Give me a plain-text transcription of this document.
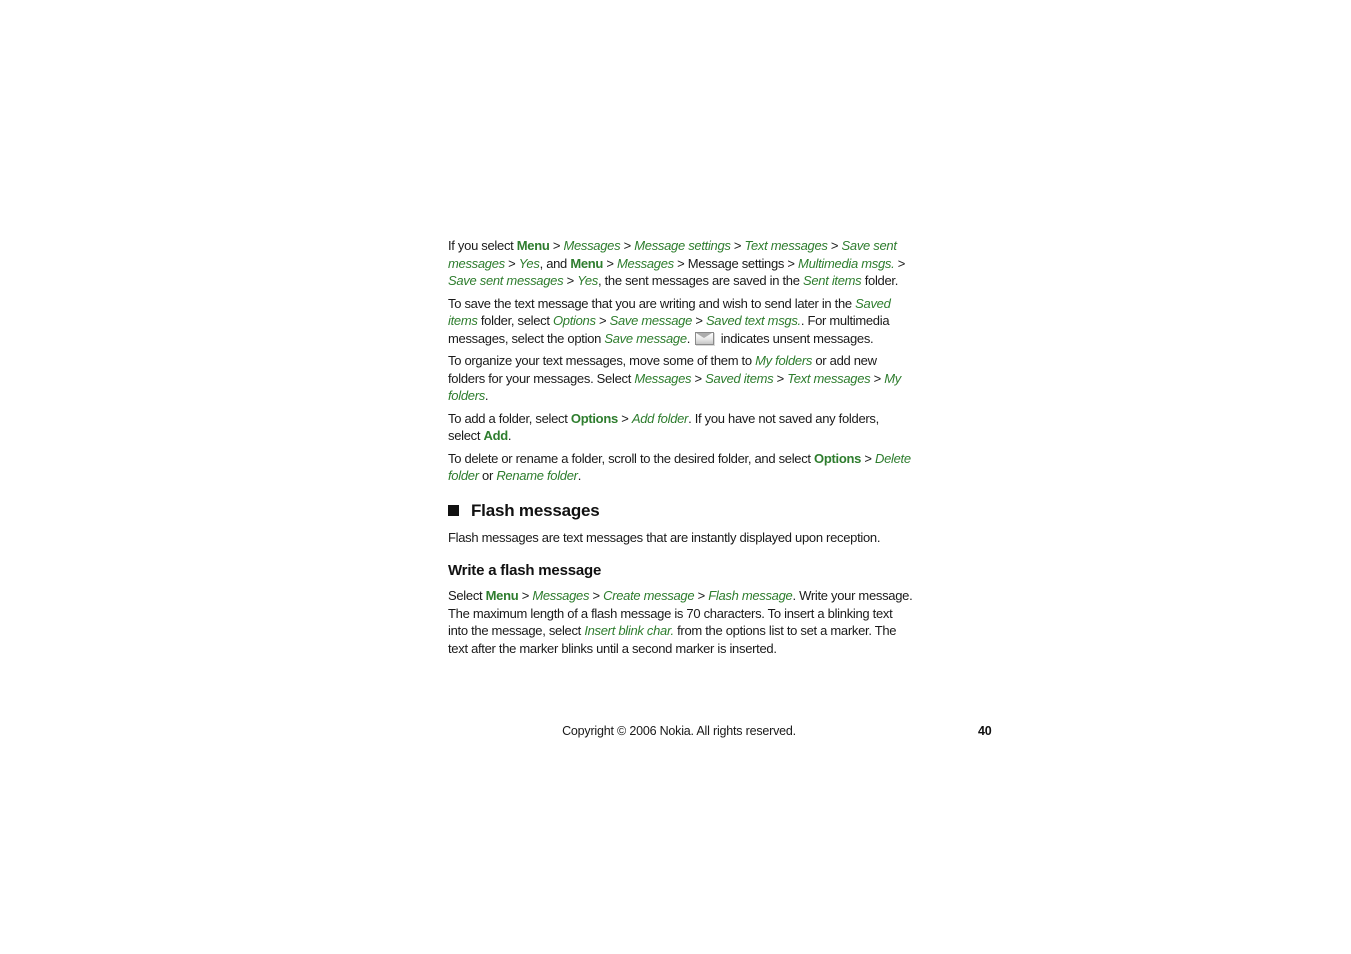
If you select Menu > Messages > Message settings > Text messages > Save sent messages > Yes, and Menu > Messages > Message settings > Multimedia msgs. > Save sent messages > Yes, the sent messages are saved in the Sent items folder.

To save the text message that you are writing and wish to send later in the Saved items folder, select Options > Save message > Saved text msgs.. For multimedia messages, select the option Save message.  indicates unsent messages.

To organize your text messages, move some of them to My folders or add new folders for your messages. Select Messages > Saved items > Text messages > My folders.

To add a folder, select Options > Add folder. If you have not saved any folders, select Add.

To delete or rename a folder, scroll to the desired folder, and select Options > Delete folder or Rename folder.

Flash messages

Flash messages are text messages that are instantly displayed upon reception.

Write a flash message

Select Menu > Messages > Create message > Flash message. Write your message. The maximum length of a flash message is 70 characters. To insert a blinking text into the message, select Insert blink char. from the options list to set a marker. The text after the marker blinks until a second marker is inserted.

Copyright © 2006 Nokia. All rights reserved.	40
